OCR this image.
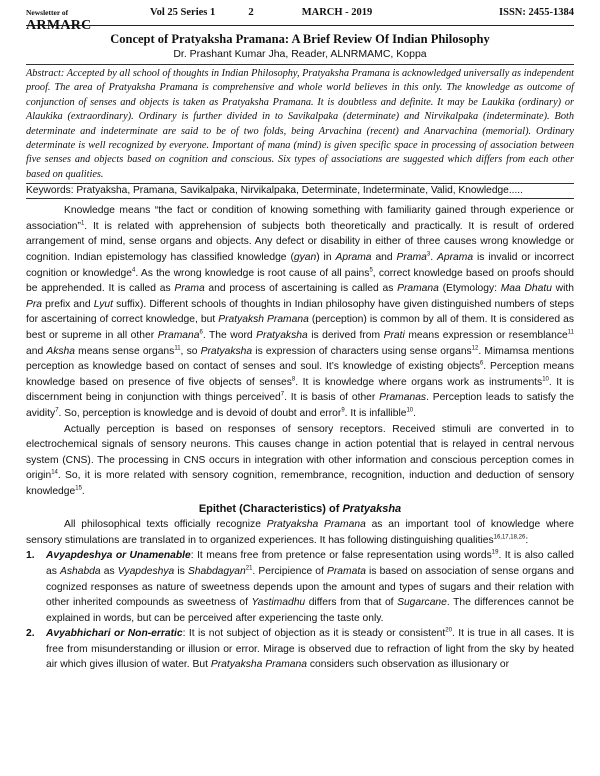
Newsletter of ARMARC
Vol 25 Series 1	2	MARCH - 2019	ISSN: 2455-1384
Concept of Pratyaksha Pramana: A Brief Review Of Indian Philosophy
Dr. Prashant Kumar Jha, Reader, ALNRMAMC, Koppa
Abstract: Accepted by all school of thoughts in Indian Philosophy, Pratyaksha Pramana is acknowledged universally as independent proof. The area of Pratyaksha Pramana is comprehensive and whole world believes in this only. The knowledge as outcome of conjunction of senses and objects is taken as Pratyaksha Pramana. It is doubtless and definite. It may be Laukika (ordinary) or Alaukika (extraordinary). Ordinary is further divided in to Savikalpaka (determinate) and Nirvikalpaka (indeterminate). Both determinate and indeterminate are said to be of two folds, being Arvachina (recent) and Anarvachina (memorial). Ordinary determinate is well recognized by everyone. Important of mana (mind) is given specific space in processing of association between five senses and objects based on cognition and conscious. Six types of associations are suggested which differs from each other based on qualities.
Keywords: Pratyaksha, Pramana, Savikalpaka, Nirvikalpaka, Determinate, Indeterminate, Valid, Knowledge.....

Knowledge means “the fact or condition of knowing something with familiarity gained through experience or association”$^1$. It is related with apprehension of subjects both theoretically and practically. It is result of ordered arrangement of mind, sense organs and objects. Any defect or disability in either of three causes wrong knowledge or cognition. Indian epistemology has classified knowledge (gyan) in Aprama and Prama$^3$. Aprama is invalid or incorrect cognition or knowledge$^4$. As the wrong knowledge is root cause of all pains$^5$, correct knowledge based on proofs should be apprehended. It is called as Prama and process of ascertaining is called as Pramana (Etymology: Maa Dhatu with Pra prefix and Lyut suffix). Different schools of thoughts in Indian philosophy have given distinguished numbers of steps for ascertaining of correct knowledge, but Pratyaksh Pramana (perception) is common by all of them. It is considered as best or supreme in all other Pramana$^6$. The word Pratyaksha is derived from Prati means expression or resemblance$^{11}$ and Aksha means sense organs$^{11}$, so Pratyaksha is expression of characters using sense organs$^{12}$. Mimamsa mentions perception as knowledge based on contact of senses and soul. It’s knowledge of existing objects$^6$. Perception means knowledge based on presence of five objects of senses$^8$. It is knowledge where organs work as instruments$^{10}$. It is discernment being in conjunction with things perceived$^7$. It is basis of other Pramanas. Perception leads to satisfy the avidity$^7$. So, perception is knowledge and is devoid of doubt and error$^9$. It is infallible$^{10}$.

Actually perception is based on responses of sensory receptors. Received stimuli are converted in to electrochemical signals of sensory neurons. This causes change in action potential that is relayed in central nervous system (CNS). The processing in CNS occurs in integration with other information and conscious perception comes in origin$^{14}$. So, it is more related with sensory cognition, remembrance, recognition, induction and deduction of sensory knowledge$^{15}$.

Epithet (Characteristics) of Pratyaksha

All philosophical texts officially recognize Pratyaksha Pramana as an important tool of knowledge where sensory stimulations are translated in to organized experiences. It has following distinguishing qualities$^{16,17,18,26}$:

1. Avyapdeshya or Unamenable: It means free from pretence or false representation using words$^{19}$. It is also called as Ashabda as Vyapdeshya is Shabdagyan$^{21}$. Percipience of Pramata is based on association of sense organs and cognized responses as nature of sweetness depends upon the amount and types of sugars and their relation with other inherited compounds as sweetness of Yastimadhu differs from that of Sugarcane. The differences cannot be explained in words, but can be perceived after experiencing the taste only.
2. Avyabhichari or Non-erratic: It is not subject of objection as it is steady or consistent$^{20}$. It is true in all cases. It is free from misunderstanding or illusion or error. Mirage is observed due to refraction of light from the sky by heated air which gives illusion of water. But Pratyaksha Pramana considers such observation as illusionary or
